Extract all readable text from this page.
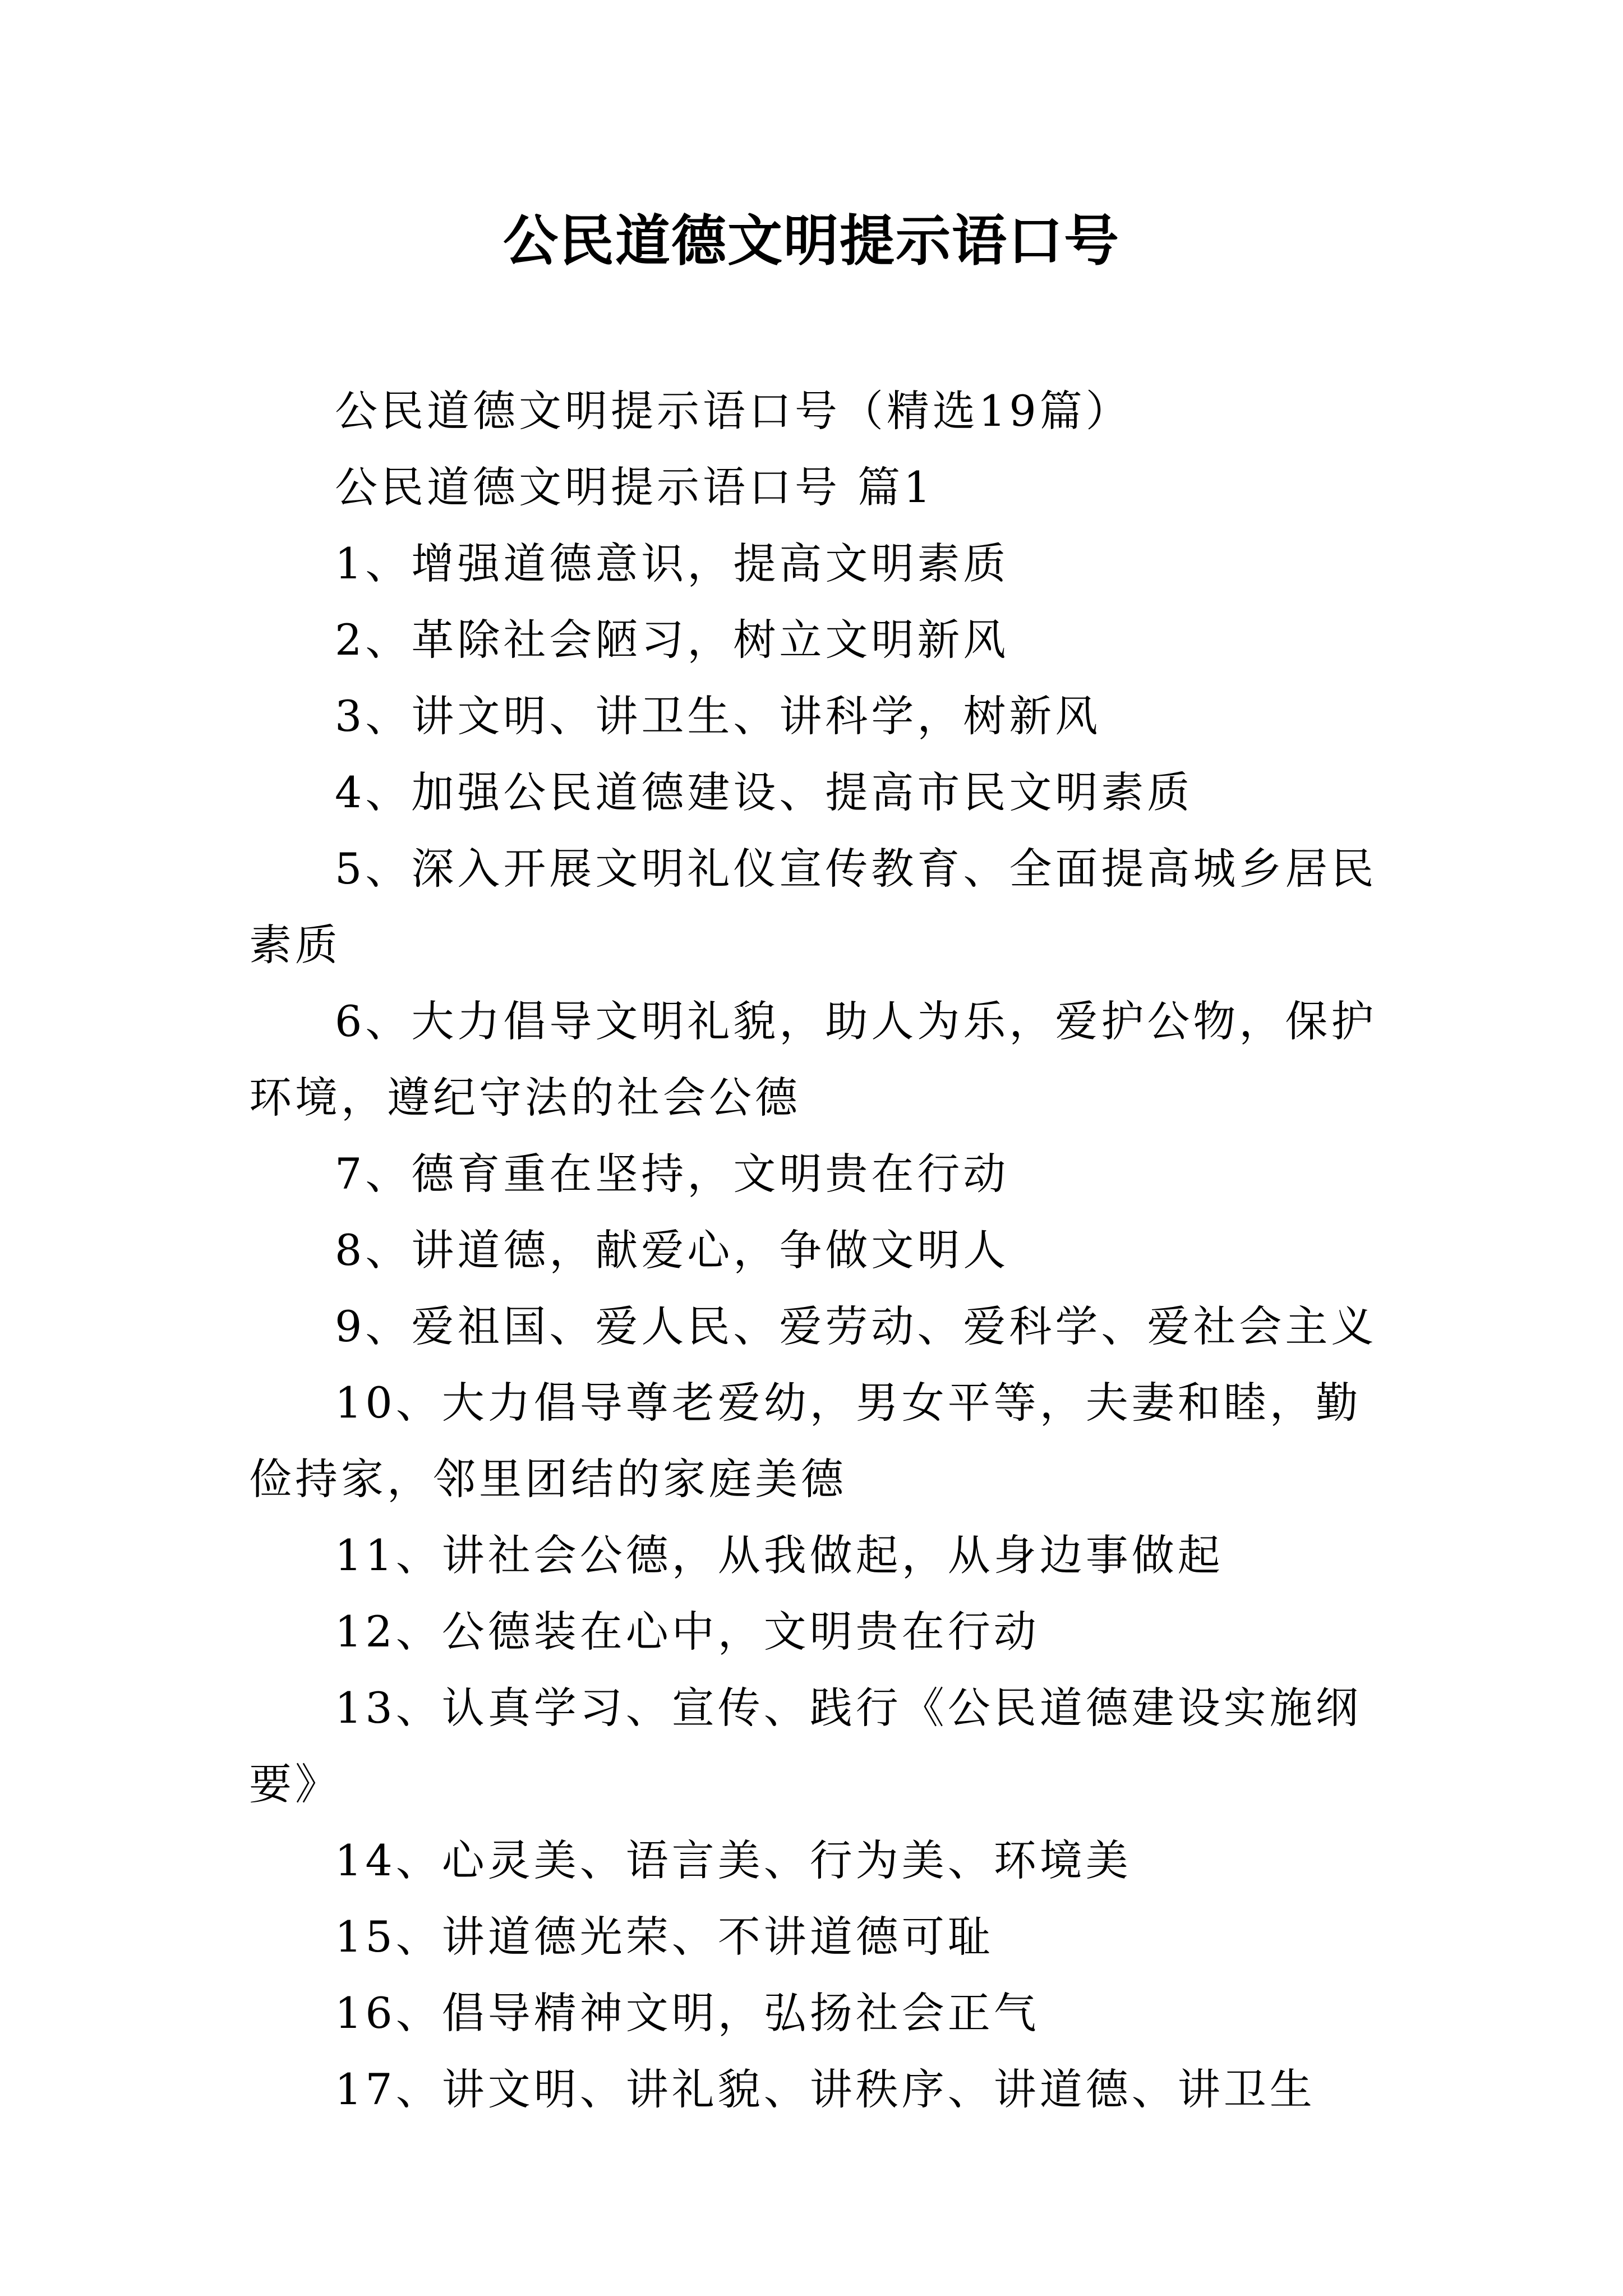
公民道德文明提示语口号

公民道德文明提示语口号（精选19篇）

公民道德文明提示语口号 篇1

1、增强道德意识，提高文明素质

2、革除社会陋习，树立文明新风

3、讲文明、讲卫生、讲科学，树新风

4、加强公民道德建设、提高市民文明素质

5、深入开展文明礼仪宣传教育、全面提高城乡居民素质

6、大力倡导文明礼貌，助人为乐，爱护公物，保护环境，遵纪守法的社会公德

7、德育重在坚持，文明贵在行动

8、讲道德，献爱心，争做文明人

9、爱祖国、爱人民、爱劳动、爱科学、爱社会主义

10、大力倡导尊老爱幼，男女平等，夫妻和睦，勤俭持家，邻里团结的家庭美德

11、讲社会公德，从我做起，从身边事做起

12、公德装在心中，文明贵在行动

13、认真学习、宣传、践行《公民道德建设实施纲要》

14、心灵美、语言美、行为美、环境美

15、讲道德光荣、不讲道德可耻

16、倡导精神文明，弘扬社会正气

17、讲文明、讲礼貌、讲秩序、讲道德、讲卫生
